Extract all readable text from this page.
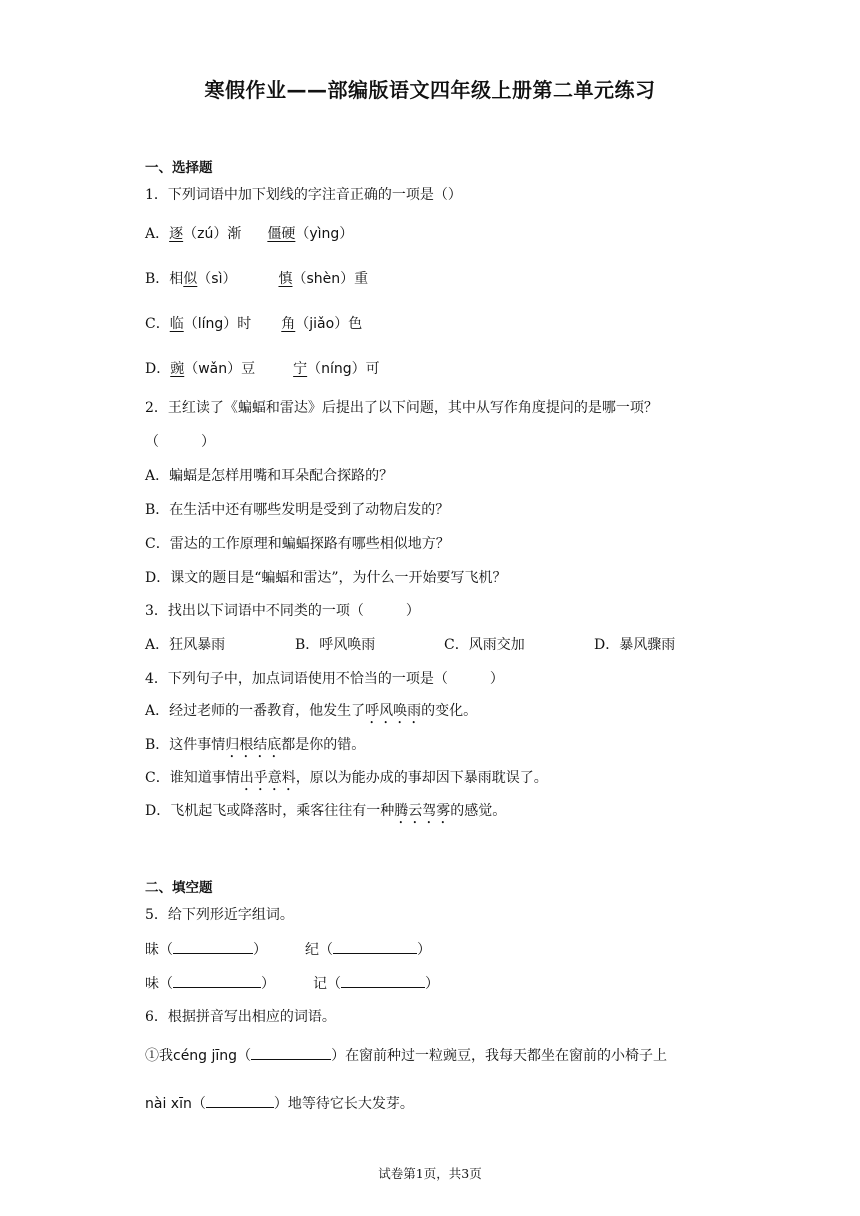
寒假作业——部编版语文四年级上册第二单元练习
一、选择题
1．下列词语中加下划线的字注音正确的一项是（）
A．逐（zú）渐 僵硬（yìng）
B．相似（sì）	慎（shèn）重
C．临（líng）时 角（jiǎo）色
D．豌（wǎn）豆	宁（níng）可
2．王红读了《蝙蝠和雷达》后提出了以下问题，其中从写作角度提问的是哪一项？
（　　　）
A．蝙蝠是怎样用嘴和耳朵配合探路的？
B．在生活中还有哪些发明是受到了动物启发的？
C．雷达的工作原理和蝙蝠探路有哪些相似地方？
D．课文的题目是“蝙蝠和雷达”，为什么一开始要写飞机？
3．找出以下词语中不同类的一项（　　　）
A．狂风暴雨	B．呼风唤雨	C．风雨交加	D．暴风骤雨
4．下列句子中，加点词语使用不恰当的一项是（　　　）
A．经过老师的一番教育，他发生了呼风唤雨的变化。
B．这件事情归根结底都是你的错。
C．谁知道事情出乎意料，原以为能办成的事却因下暴雨耽误了。
D．飞机起飞或降落时，乘客往往有一种腾云驾雾的感觉。
二、填空题
5．给下列形近字组词。
昧（	）	纪（	）
味（	）	记（	）
6．根据拼音写出相应的词语。
①我céng jīng（	）在窗前种过一粒豌豆，我每天都坐在窗前的小椅子上
nài xīn（	）地等待它长大发芽。
试卷第1页，共3页
